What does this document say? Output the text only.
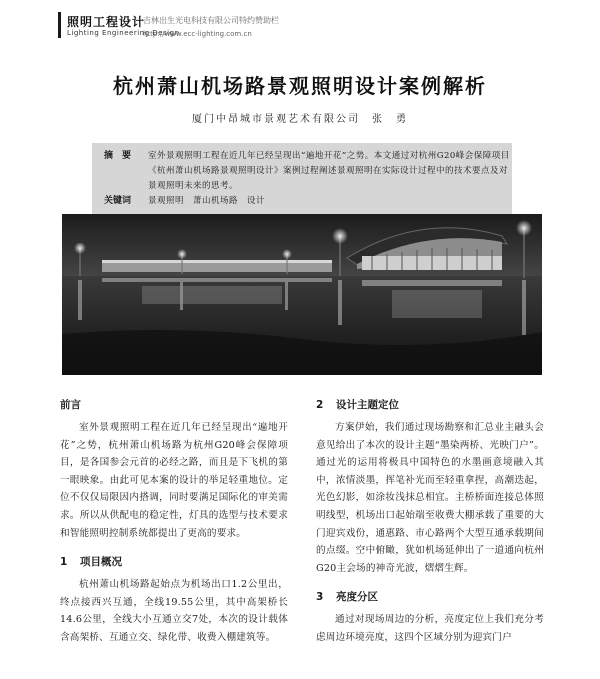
照明工程设计
Lighting Engineering Design
吉林出生光电科技有限公司特约赞助栏
http://www.ecc-lighting.com.cn
杭州萧山机场路景观照明设计案例解析
厦门中昂城市景观艺术有限公司　张　勇
摘　要 室外景观照明工程在近几年已经呈现出“遍地开花”之势。本文通过对杭州G20峰会保障项目《杭州萧山机场路景观照明设计》案例过程阐述景观照明在实际设计过程中的技术要点及对景观照明未来的思考。
关键词 景观照明　萧山机场路　设计
前言

室外景观照明工程在近几年已经呈现出“遍地开花”之势，杭州萧山机场路为杭州G20峰会保障项目，是各国参会元首的必经之路，而且是下飞机的第一眼映象。由此可见本案的设计的举足轻重地位。定位不仅仅局限因内搭调，同时要满足国际化的审美需求。所以从供配电的稳定性，灯具的选型与技术要求和智能照明控制系统都提出了更高的要求。

1 项目概况

杭州萧山机场路起始点为机场出口1.2公里出，终点接西兴互通，全线19.55公里，其中高架桥长14.6公里，全线大小互通立交7处，本次的设计载体含高架桥、互通立交、绿化带、收费入棚建筑等。

2 设计主题定位

方案伊始，我们通过现场勘察和汇总业主融头会意见给出了本次的设计主题“墨染两桥、光映门户”。通过光的运用将极具中国特色的水墨画意境融入其中，浓情淡墨，挥笔补光而至轻重拿捏，高潮迭起，光色幻影，如涂妆浅抹总相宜。主桥桥面连接总体照明线型，机场出口起始端至收费大棚承载了重要的大门迎宾戏份，通惠路、市心路两个大型互通承载期间的点缀。空中俯瞰，犹如机场延伸出了一道通向杭州G20主会场的神奇光波，熠熠生辉。

3 亮度分区

通过对现场周边的分析，亮度定位上我们充分考虑周边环境亮度，这四个区域分别为迎宾门户
